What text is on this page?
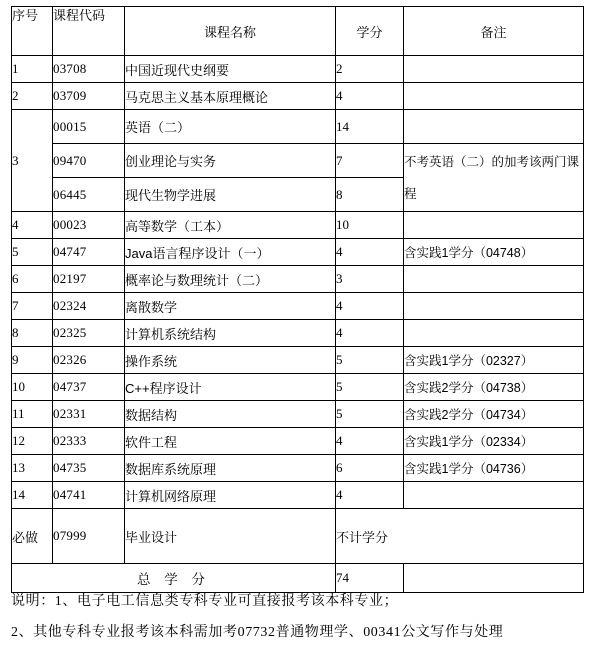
序号	课程代码	课程名称	学分	备注
1	03708	中国近现代史纲要	2	
2	03709	马克思主义基本原理概论	4	
3	00015	英语（二）	14	
	09470	创业理论与实务	7	不考英语（二）的加考该两门课程
	06445	现代生物学进展	8	
4	00023	高等数学（工本）	10	
5	04747	Java语言程序设计（一）	4	含实践1学分（04748）
6	02197	概率论与数理统计（二）	3	
7	02324	离散数学	4	
8	02325	计算机系统结构	4	
9	02326	操作系统	5	含实践1学分（02327）
10	04737	C++程序设计	5	含实践2学分（04738）
11	02331	数据结构	5	含实践2学分（04734）
12	02333	软件工程	4	含实践1学分（02334）
13	04735	数据库系统原理	6	含实践1学分（04736）
14	04741	计算机网络原理	4	
必做	07999	毕业设计	不计学分	
总 学 分			74	
说明：1、电子电工信息类专科专业可直接报考该本科专业；
2、其他专科专业报考该本科需加考07732普通物理学、00341公文写作与处理
